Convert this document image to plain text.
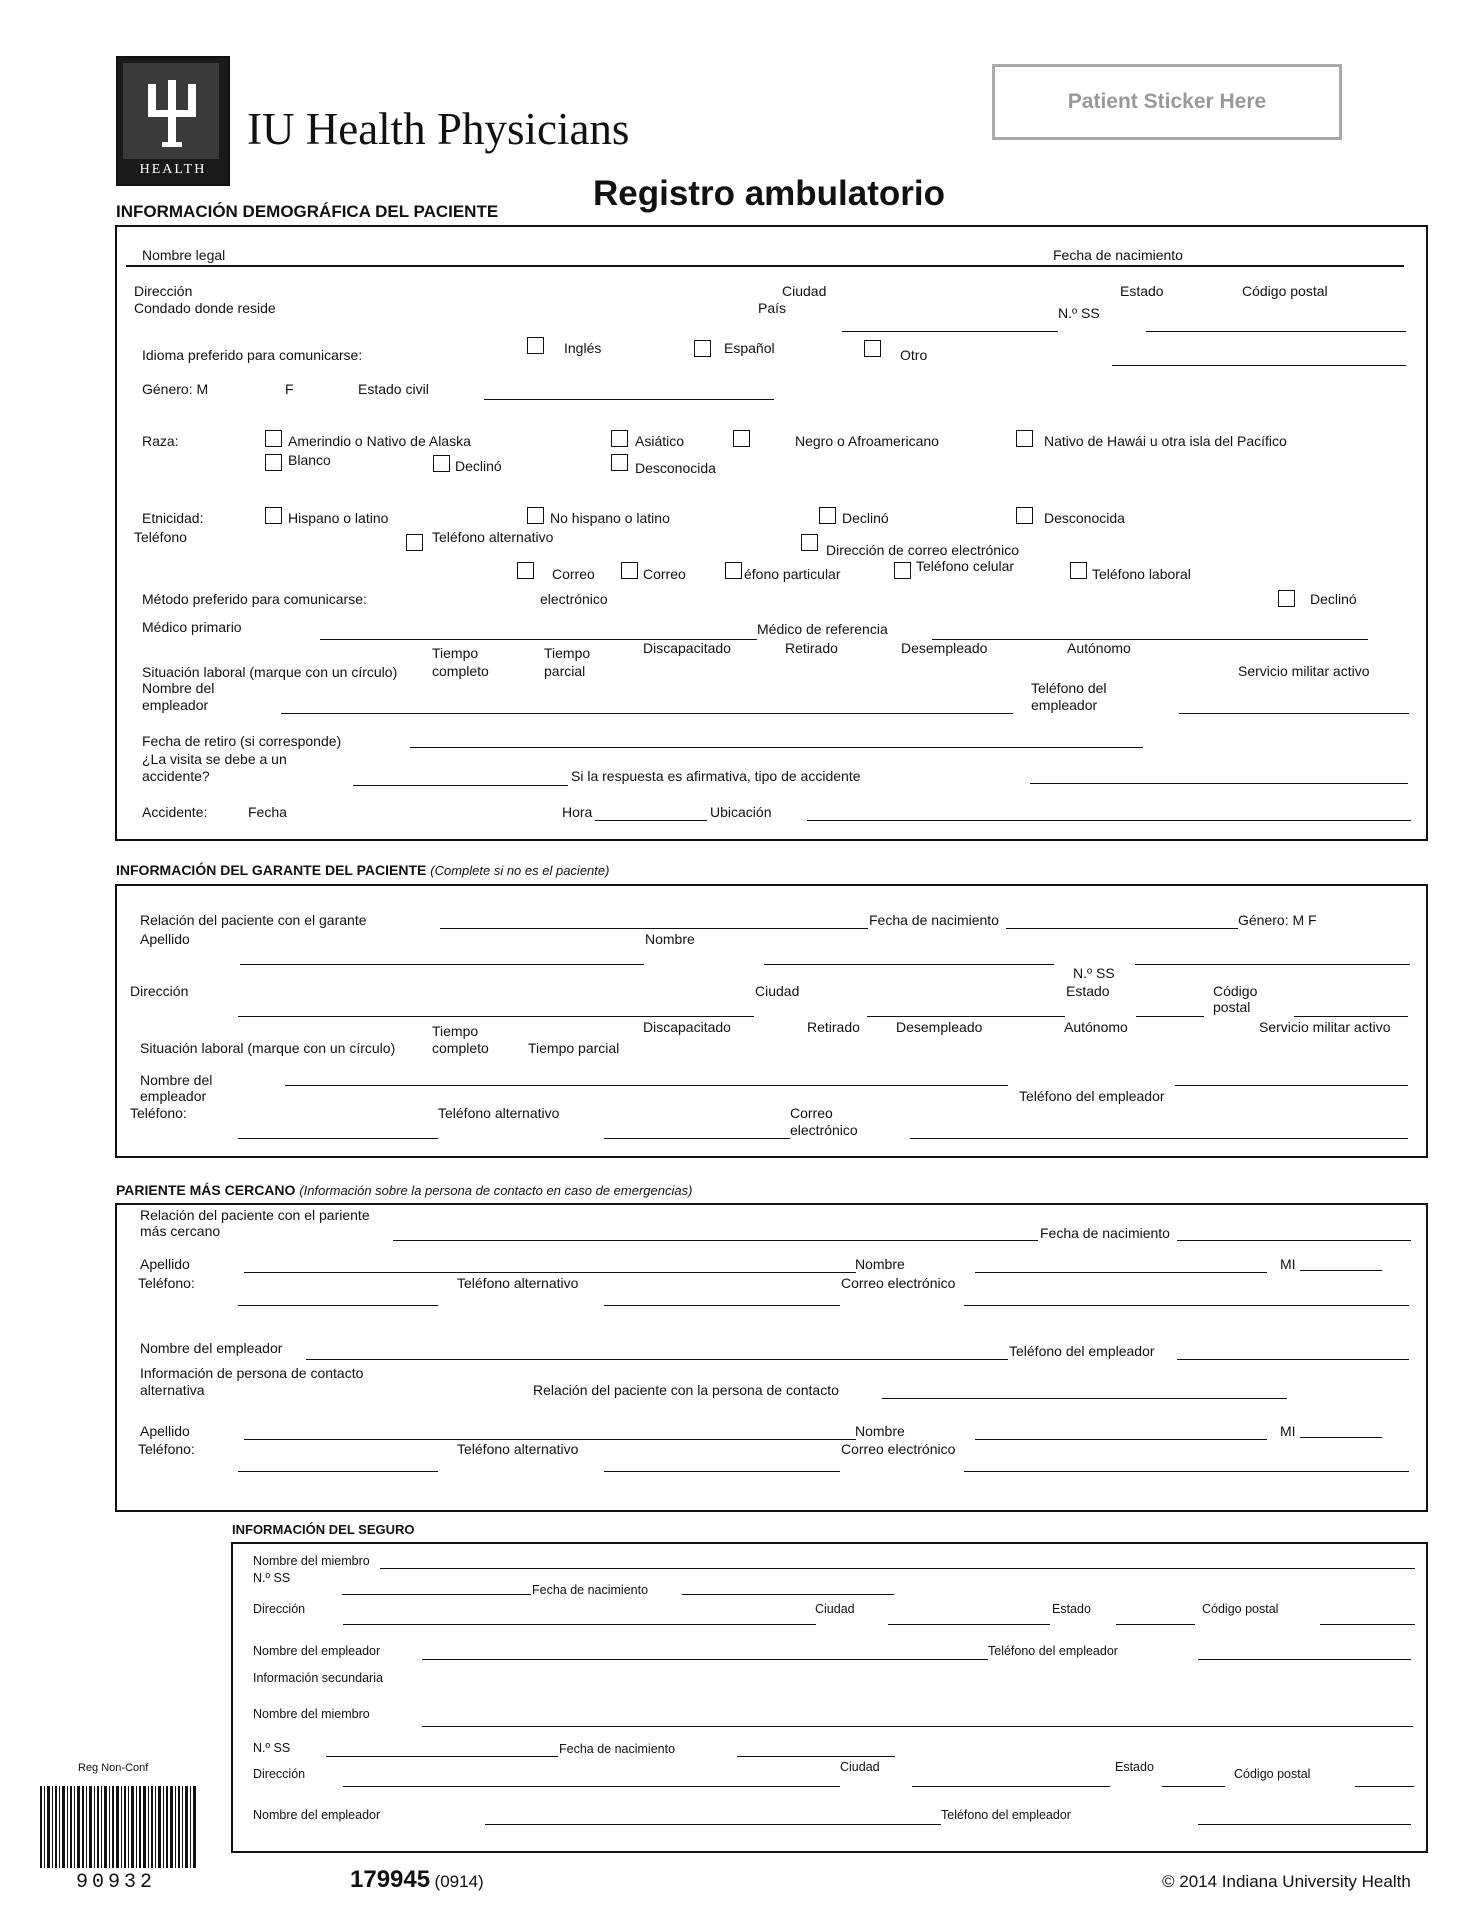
HEALTH
IU Health Physicians
Patient Sticker Here
Registro ambulatorio
INFORMACIÓN DEMOGRÁFICA DEL PACIENTE
Nombre legal	Fecha de nacimiento
Dirección
Condado donde reside
Ciudad
País
Estado	Código postal
N.º SS
Idioma preferido para comunicarse:	Inglés	Español	Otro
Género: M	F	Estado civil
Raza:	Amerindio o Nativo de Alaska	Asiático	Negro o Afroamericano	Nativo de Hawái u otra isla del Pacífico
Blanco	Declinó	Desconocida
Etnicidad:	Hispano o latino	No hispano o latino	Declinó	Desconocida
Teléfono	Teléfono alternativo
Dirección de correo electrónico
Correo	Correo	éfono particular	Teléfono celular	Teléfono laboral
Método preferido para comunicarse:	electrónico	Declinó
Médico primario	Médico de referencia
Tiempo
completo
Tiempo
parcial
Discapacitado	Retirado	Desempleado	Autónomo
Situación laboral (marque con un círculo)	Servicio militar activo
Nombre del
empleador
Teléfono del
empleador
Fecha de retiro (si corresponde)
¿La visita se debe a un
accidente?	Si la respuesta es afirmativa, tipo de accidente
Accidente:	Fecha	Hora	Ubicación
INFORMACIÓN DEL GARANTE DEL PACIENTE (Complete si no es el paciente)
Relación del paciente con el garante	Fecha de nacimiento	Género: M F
Apellido	Nombre
N.º SS
Dirección	Ciudad	Estado	Código
postal
Tiempo
completo
Discapacitado	Retirado	Desempleado	Autónomo	Servicio militar activo
Situación laboral (marque con un círculo)	Tiempo parcial
Nombre del
empleador	Teléfono del empleador
Teléfono:	Teléfono alternativo	Correo
electrónico
PARIENTE MÁS CERCANO (Información sobre la persona de contacto en caso de emergencias)
Relación del paciente con el pariente
más cercano	Fecha de nacimiento
Apellido	Nombre	MI
Teléfono:	Teléfono alternativo	Correo electrónico
Nombre del empleador	Teléfono del empleador
Información de persona de contacto
alternativa	Relación del paciente con la persona de contacto
Apellido	Nombre	MI
Teléfono:	Teléfono alternativo	Correo electrónico
INFORMACIÓN DEL SEGURO
Nombre del miembro
N.º SS
Fecha de nacimiento
Dirección	Ciudad	Estado	Código postal
Nombre del empleador	Teléfono del empleador
Información secundaria
Nombre del miembro
N.º SS	Fecha de nacimiento
Ciudad	Estado
Dirección	Código postal
Nombre del empleador	Teléfono del empleador
Reg Non-Conf
90932	179945 (0914)	© 2014 Indiana University Health
